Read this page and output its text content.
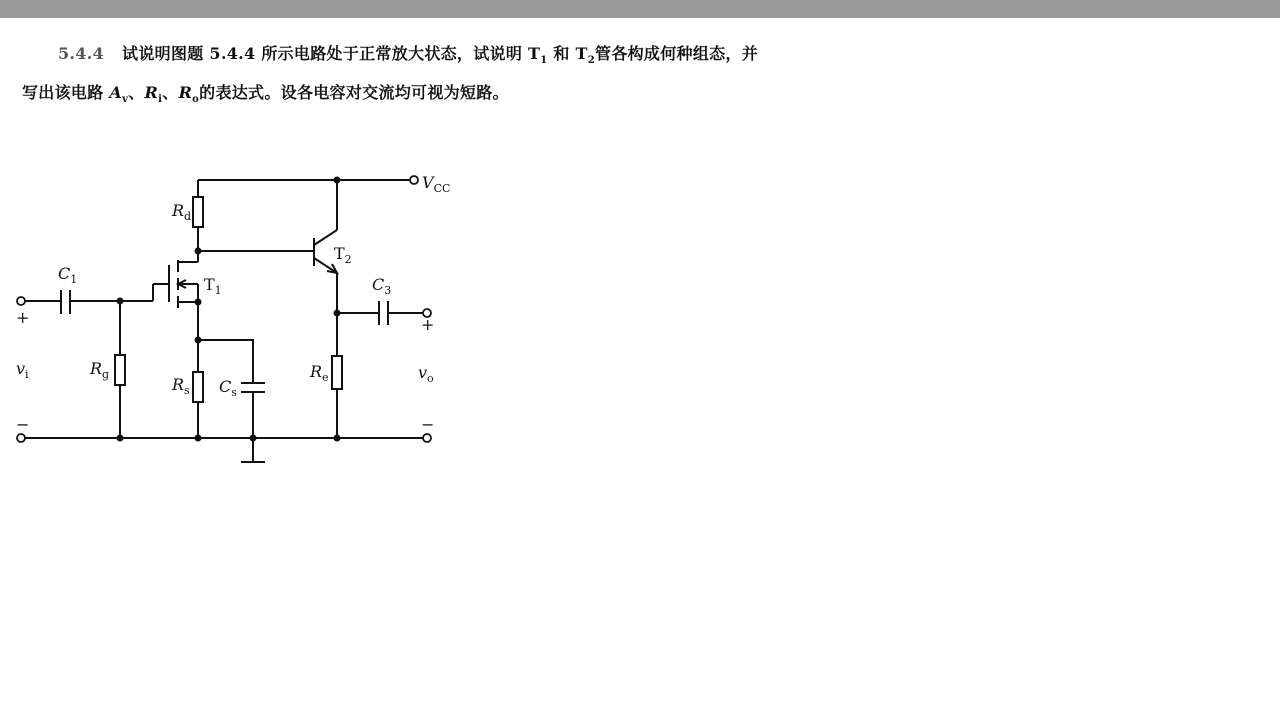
5.4.4 试说明图题 5.4.4 所示电路处于正常放大状态，试说明 $T_1$ 和 $T_2$管各构成何种组态，并
写出该电路 $A_v$、$R_i$、$R_o$的表达式。设各电容对交流均可视为短路。
$V_{CC}$
$R_d$
$C_1$	$T_1$
$T_2$
$C_3$
$R_g$
$R_s$ $C_s$
$R_e$
$v_i$	$v_o$
+	+
−	−
